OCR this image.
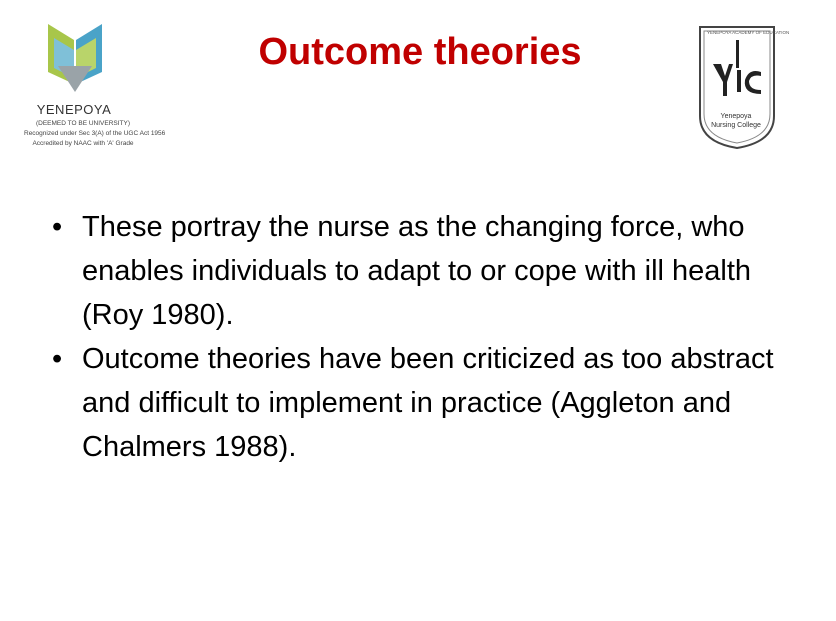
YENEPOYA
(DEEMED TO BE UNIVERSITY)
Recognized under Sec 3(A) of the UGC Act 1956
Accredited by NAAC with 'A' Grade
Outcome theories	YENEPOYA ACADEMY OF EDUCATION
Yenepoya
Nursing College
• These portray the nurse as the changing force, who enables individuals to adapt to or cope with ill health (Roy 1980).
• Outcome theories have been criticized as too abstract and difficult to implement in practice (Aggleton and Chalmers 1988).
